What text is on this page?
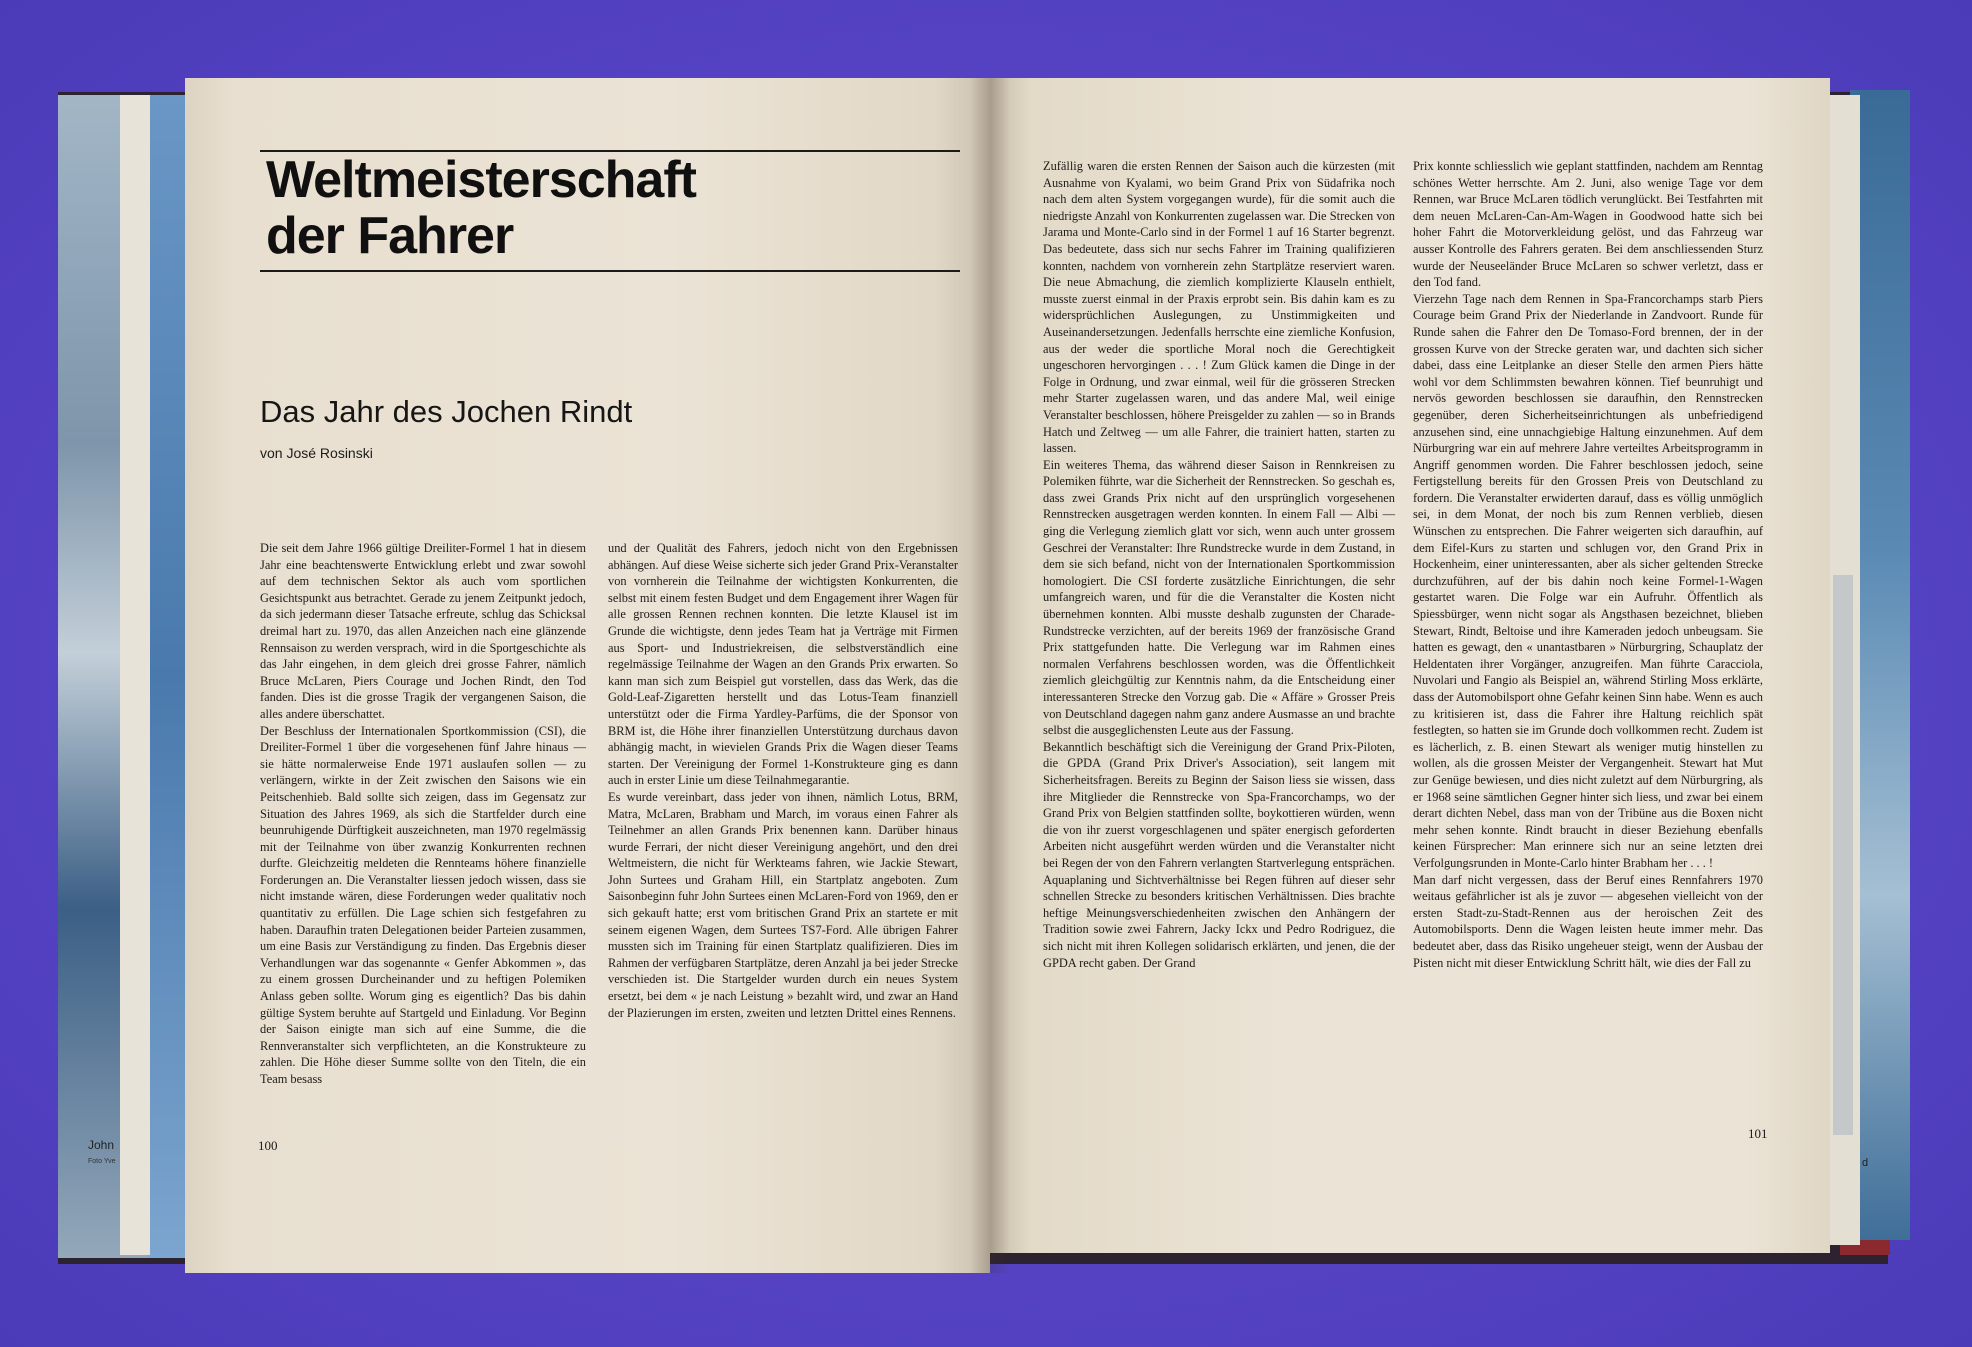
John
Foto Yve	d
Weltmeisterschaft
der Fahrer
Das Jahr des Jochen Rindt
von José Rosinski

Die seit dem Jahre 1966 gültige Dreiliter-Formel 1 hat in diesem Jahr eine beachtenswerte Entwicklung erlebt und zwar sowohl auf dem technischen Sektor als auch vom sportlichen Gesichtspunkt aus betrachtet. Gerade zu jenem Zeitpunkt jedoch, da sich jedermann dieser Tatsache erfreute, schlug das Schicksal dreimal hart zu. 1970, das allen Anzeichen nach eine glänzende Rennsaison zu werden versprach, wird in die Sportgeschichte als das Jahr eingehen, in dem gleich drei grosse Fahrer, nämlich Bruce McLaren, Piers Courage und Jochen Rindt, den Tod fanden. Dies ist die grosse Tragik der vergangenen Saison, die alles andere überschattet.

Der Beschluss der Internationalen Sportkommission (CSI), die Dreiliter-Formel 1 über die vorgesehenen fünf Jahre hinaus — sie hätte normalerweise Ende 1971 auslaufen sollen — zu verlängern, wirkte in der Zeit zwischen den Saisons wie ein Peitschenhieb. Bald sollte sich zeigen, dass im Gegensatz zur Situation des Jahres 1969, als sich die Startfelder durch eine beunruhigende Dürftigkeit auszeichneten, man 1970 regelmässig mit der Teilnahme von über zwanzig Konkurrenten rechnen durfte. Gleichzeitig meldeten die Rennteams höhere finanzielle Forderungen an. Die Veranstalter liessen jedoch wissen, dass sie nicht imstande wären, diese Forderungen weder qualitativ noch quantitativ zu erfüllen. Die Lage schien sich festgefahren zu haben. Daraufhin traten Delegationen beider Parteien zusammen, um eine Basis zur Verständigung zu finden. Das Ergebnis dieser Verhandlungen war das sogenannte « Genfer Abkommen », das zu einem grossen Durcheinander und zu heftigen Polemiken Anlass geben sollte. Worum ging es eigentlich? Das bis dahin gültige System beruhte auf Startgeld und Einladung. Vor Beginn der Saison einigte man sich auf eine Summe, die die Rennveranstalter sich verpflichteten, an die Konstrukteure zu zahlen. Die Höhe dieser Summe sollte von den Titeln, die ein Team besass

und der Qualität des Fahrers, jedoch nicht von den Ergebnissen abhängen. Auf diese Weise sicherte sich jeder Grand Prix-Veranstalter von vornherein die Teilnahme der wichtigsten Konkurrenten, die selbst mit einem festen Budget und dem Engagement ihrer Wagen für alle grossen Rennen rechnen konnten. Die letzte Klausel ist im Grunde die wichtigste, denn jedes Team hat ja Verträge mit Firmen aus Sport- und Industriekreisen, die selbstverständlich eine regelmässige Teilnahme der Wagen an den Grands Prix erwarten. So kann man sich zum Beispiel gut vorstellen, dass das Werk, das die Gold-Leaf-Zigaretten herstellt und das Lotus-Team finanziell unterstützt oder die Firma Yardley-Parfüms, die der Sponsor von BRM ist, die Höhe ihrer finanziellen Unterstützung durchaus davon abhängig macht, in wievielen Grands Prix die Wagen dieser Teams starten. Der Vereinigung der Formel 1-Konstrukteure ging es dann auch in erster Linie um diese Teilnahmegarantie.

Es wurde vereinbart, dass jeder von ihnen, nämlich Lotus, BRM, Matra, McLaren, Brabham und March, im voraus einen Fahrer als Teilnehmer an allen Grands Prix benennen kann. Darüber hinaus wurde Ferrari, der nicht dieser Vereinigung angehört, und den drei Weltmeistern, die nicht für Werkteams fahren, wie Jackie Stewart, John Surtees und Graham Hill, ein Startplatz angeboten. Zum Saisonbeginn fuhr John Surtees einen McLaren-Ford von 1969, den er sich gekauft hatte; erst vom britischen Grand Prix an startete er mit seinem eigenen Wagen, dem Surtees TS7-Ford. Alle übrigen Fahrer mussten sich im Training für einen Startplatz qualifizieren. Dies im Rahmen der verfügbaren Startplätze, deren Anzahl ja bei jeder Strecke verschieden ist. Die Startgelder wurden durch ein neues System ersetzt, bei dem « je nach Leistung » bezahlt wird, und zwar an Hand der Plazierungen im ersten, zweiten und letzten Drittel eines Rennens.

100

Zufällig waren die ersten Rennen der Saison auch die kürzesten (mit Ausnahme von Kyalami, wo beim Grand Prix von Südafrika noch nach dem alten System vorgegangen wurde), für die somit auch die niedrigste Anzahl von Konkurrenten zugelassen war. Die Strecken von Jarama und Monte-Carlo sind in der Formel 1 auf 16 Starter begrenzt. Das bedeutete, dass sich nur sechs Fahrer im Training qualifizieren konnten, nachdem von vornherein zehn Startplätze reserviert waren. Die neue Abmachung, die ziemlich komplizierte Klauseln enthielt, musste zuerst einmal in der Praxis erprobt sein. Bis dahin kam es zu widersprüchlichen Auslegungen, zu Unstimmigkeiten und Auseinandersetzungen. Jedenfalls herrschte eine ziemliche Konfusion, aus der weder die sportliche Moral noch die Gerechtigkeit ungeschoren hervorgingen . . . ! Zum Glück kamen die Dinge in der Folge in Ordnung, und zwar einmal, weil für die grösseren Strecken mehr Starter zugelassen waren, und das andere Mal, weil einige Veranstalter beschlossen, höhere Preisgelder zu zahlen — so in Brands Hatch und Zeltweg — um alle Fahrer, die trainiert hatten, starten zu lassen.

Ein weiteres Thema, das während dieser Saison in Rennkreisen zu Polemiken führte, war die Sicherheit der Rennstrecken. So geschah es, dass zwei Grands Prix nicht auf den ursprünglich vorgesehenen Rennstrecken ausgetragen werden konnten. In einem Fall — Albi — ging die Verlegung ziemlich glatt vor sich, wenn auch unter grossem Geschrei der Veranstalter: Ihre Rundstrecke wurde in dem Zustand, in dem sie sich befand, nicht von der Internationalen Sportkommission homologiert. Die CSI forderte zusätzliche Einrichtungen, die sehr umfangreich waren, und für die die Veranstalter die Kosten nicht übernehmen konnten. Albi musste deshalb zugunsten der Charade-Rundstrecke verzichten, auf der bereits 1969 der französische Grand Prix stattgefunden hatte. Die Verlegung war im Rahmen eines normalen Verfahrens beschlossen worden, was die Öffentlichkeit ziemlich gleichgültig zur Kenntnis nahm, da die Entscheidung einer interessanteren Strecke den Vorzug gab. Die « Affäre » Grosser Preis von Deutschland dagegen nahm ganz andere Ausmasse an und brachte selbst die ausgeglichensten Leute aus der Fassung.

Bekanntlich beschäftigt sich die Vereinigung der Grand Prix-Piloten, die GPDA (Grand Prix Driver's Association), seit langem mit Sicherheitsfragen. Bereits zu Beginn der Saison liess sie wissen, dass ihre Mitglieder die Rennstrecke von Spa-Francorchamps, wo der Grand Prix von Belgien stattfinden sollte, boykottieren würden, wenn die von ihr zuerst vorgeschlagenen und später energisch geforderten Arbeiten nicht ausgeführt werden würden und die Veranstalter nicht bei Regen der von den Fahrern verlangten Startverlegung entsprächen. Aquaplaning und Sichtverhältnisse bei Regen führen auf dieser sehr schnellen Strecke zu besonders kritischen Verhältnissen. Dies brachte heftige Meinungsverschiedenheiten zwischen den Anhängern der Tradition sowie zwei Fahrern, Jacky Ickx und Pedro Rodriguez, die sich nicht mit ihren Kollegen solidarisch erklärten, und jenen, die der GPDA recht gaben. Der Grand

Prix konnte schliesslich wie geplant stattfinden, nachdem am Renntag schönes Wetter herrschte. Am 2. Juni, also wenige Tage vor dem Rennen, war Bruce McLaren tödlich verunglückt. Bei Testfahrten mit dem neuen McLaren-Can-Am-Wagen in Goodwood hatte sich bei hoher Fahrt die Motorverkleidung gelöst, und das Fahrzeug war ausser Kontrolle des Fahrers geraten. Bei dem anschliessenden Sturz wurde der Neuseeländer Bruce McLaren so schwer verletzt, dass er den Tod fand.

Vierzehn Tage nach dem Rennen in Spa-Francorchamps starb Piers Courage beim Grand Prix der Niederlande in Zandvoort. Runde für Runde sahen die Fahrer den De Tomaso-Ford brennen, der in der grossen Kurve von der Strecke geraten war, und dachten sich sicher dabei, dass eine Leitplanke an dieser Stelle den armen Piers hätte wohl vor dem Schlimmsten bewahren können. Tief beunruhigt und nervös geworden beschlossen sie daraufhin, den Rennstrecken gegenüber, deren Sicherheitseinrichtungen als unbefriedigend anzusehen sind, eine unnachgiebige Haltung einzunehmen. Auf dem Nürburgring war ein auf mehrere Jahre verteiltes Arbeitsprogramm in Angriff genommen worden. Die Fahrer beschlossen jedoch, seine Fertigstellung bereits für den Grossen Preis von Deutschland zu fordern. Die Veranstalter erwiderten darauf, dass es völlig unmöglich sei, in dem Monat, der noch bis zum Rennen verblieb, diesen Wünschen zu entsprechen. Die Fahrer weigerten sich daraufhin, auf dem Eifel-Kurs zu starten und schlugen vor, den Grand Prix in Hockenheim, einer uninteressanten, aber als sicher geltenden Strecke durchzuführen, auf der bis dahin noch keine Formel-1-Wagen gestartet waren. Die Folge war ein Aufruhr. Öffentlich als Spiessbürger, wenn nicht sogar als Angsthasen bezeichnet, blieben Stewart, Rindt, Beltoise und ihre Kameraden jedoch unbeugsam. Sie hatten es gewagt, den « unantastbaren » Nürburgring, Schauplatz der Heldentaten ihrer Vorgänger, anzugreifen. Man führte Caracciola, Nuvolari und Fangio als Beispiel an, während Stirling Moss erklärte, dass der Automobilsport ohne Gefahr keinen Sinn habe. Wenn es auch zu kritisieren ist, dass die Fahrer ihre Haltung reichlich spät festlegten, so hatten sie im Grunde doch vollkommen recht. Zudem ist es lächerlich, z. B. einen Stewart als weniger mutig hinstellen zu wollen, als die grossen Meister der Vergangenheit. Stewart hat Mut zur Genüge bewiesen, und dies nicht zuletzt auf dem Nürburgring, als er 1968 seine sämtlichen Gegner hinter sich liess, und zwar bei einem derart dichten Nebel, dass man von der Tribüne aus die Boxen nicht mehr sehen konnte. Rindt braucht in dieser Beziehung ebenfalls keinen Fürsprecher: Man erinnere sich nur an seine letzten drei Verfolgungsrunden in Monte-Carlo hinter Brabham her . . . !

Man darf nicht vergessen, dass der Beruf eines Rennfahrers 1970 weitaus gefährlicher ist als je zuvor — abgesehen vielleicht von der ersten Stadt-zu-Stadt-Rennen aus der heroischen Zeit des Automobilsports. Denn die Wagen leisten heute immer mehr. Das bedeutet aber, dass das Risiko ungeheuer steigt, wenn der Ausbau der Pisten nicht mit dieser Entwicklung Schritt hält, wie dies der Fall zu

101
